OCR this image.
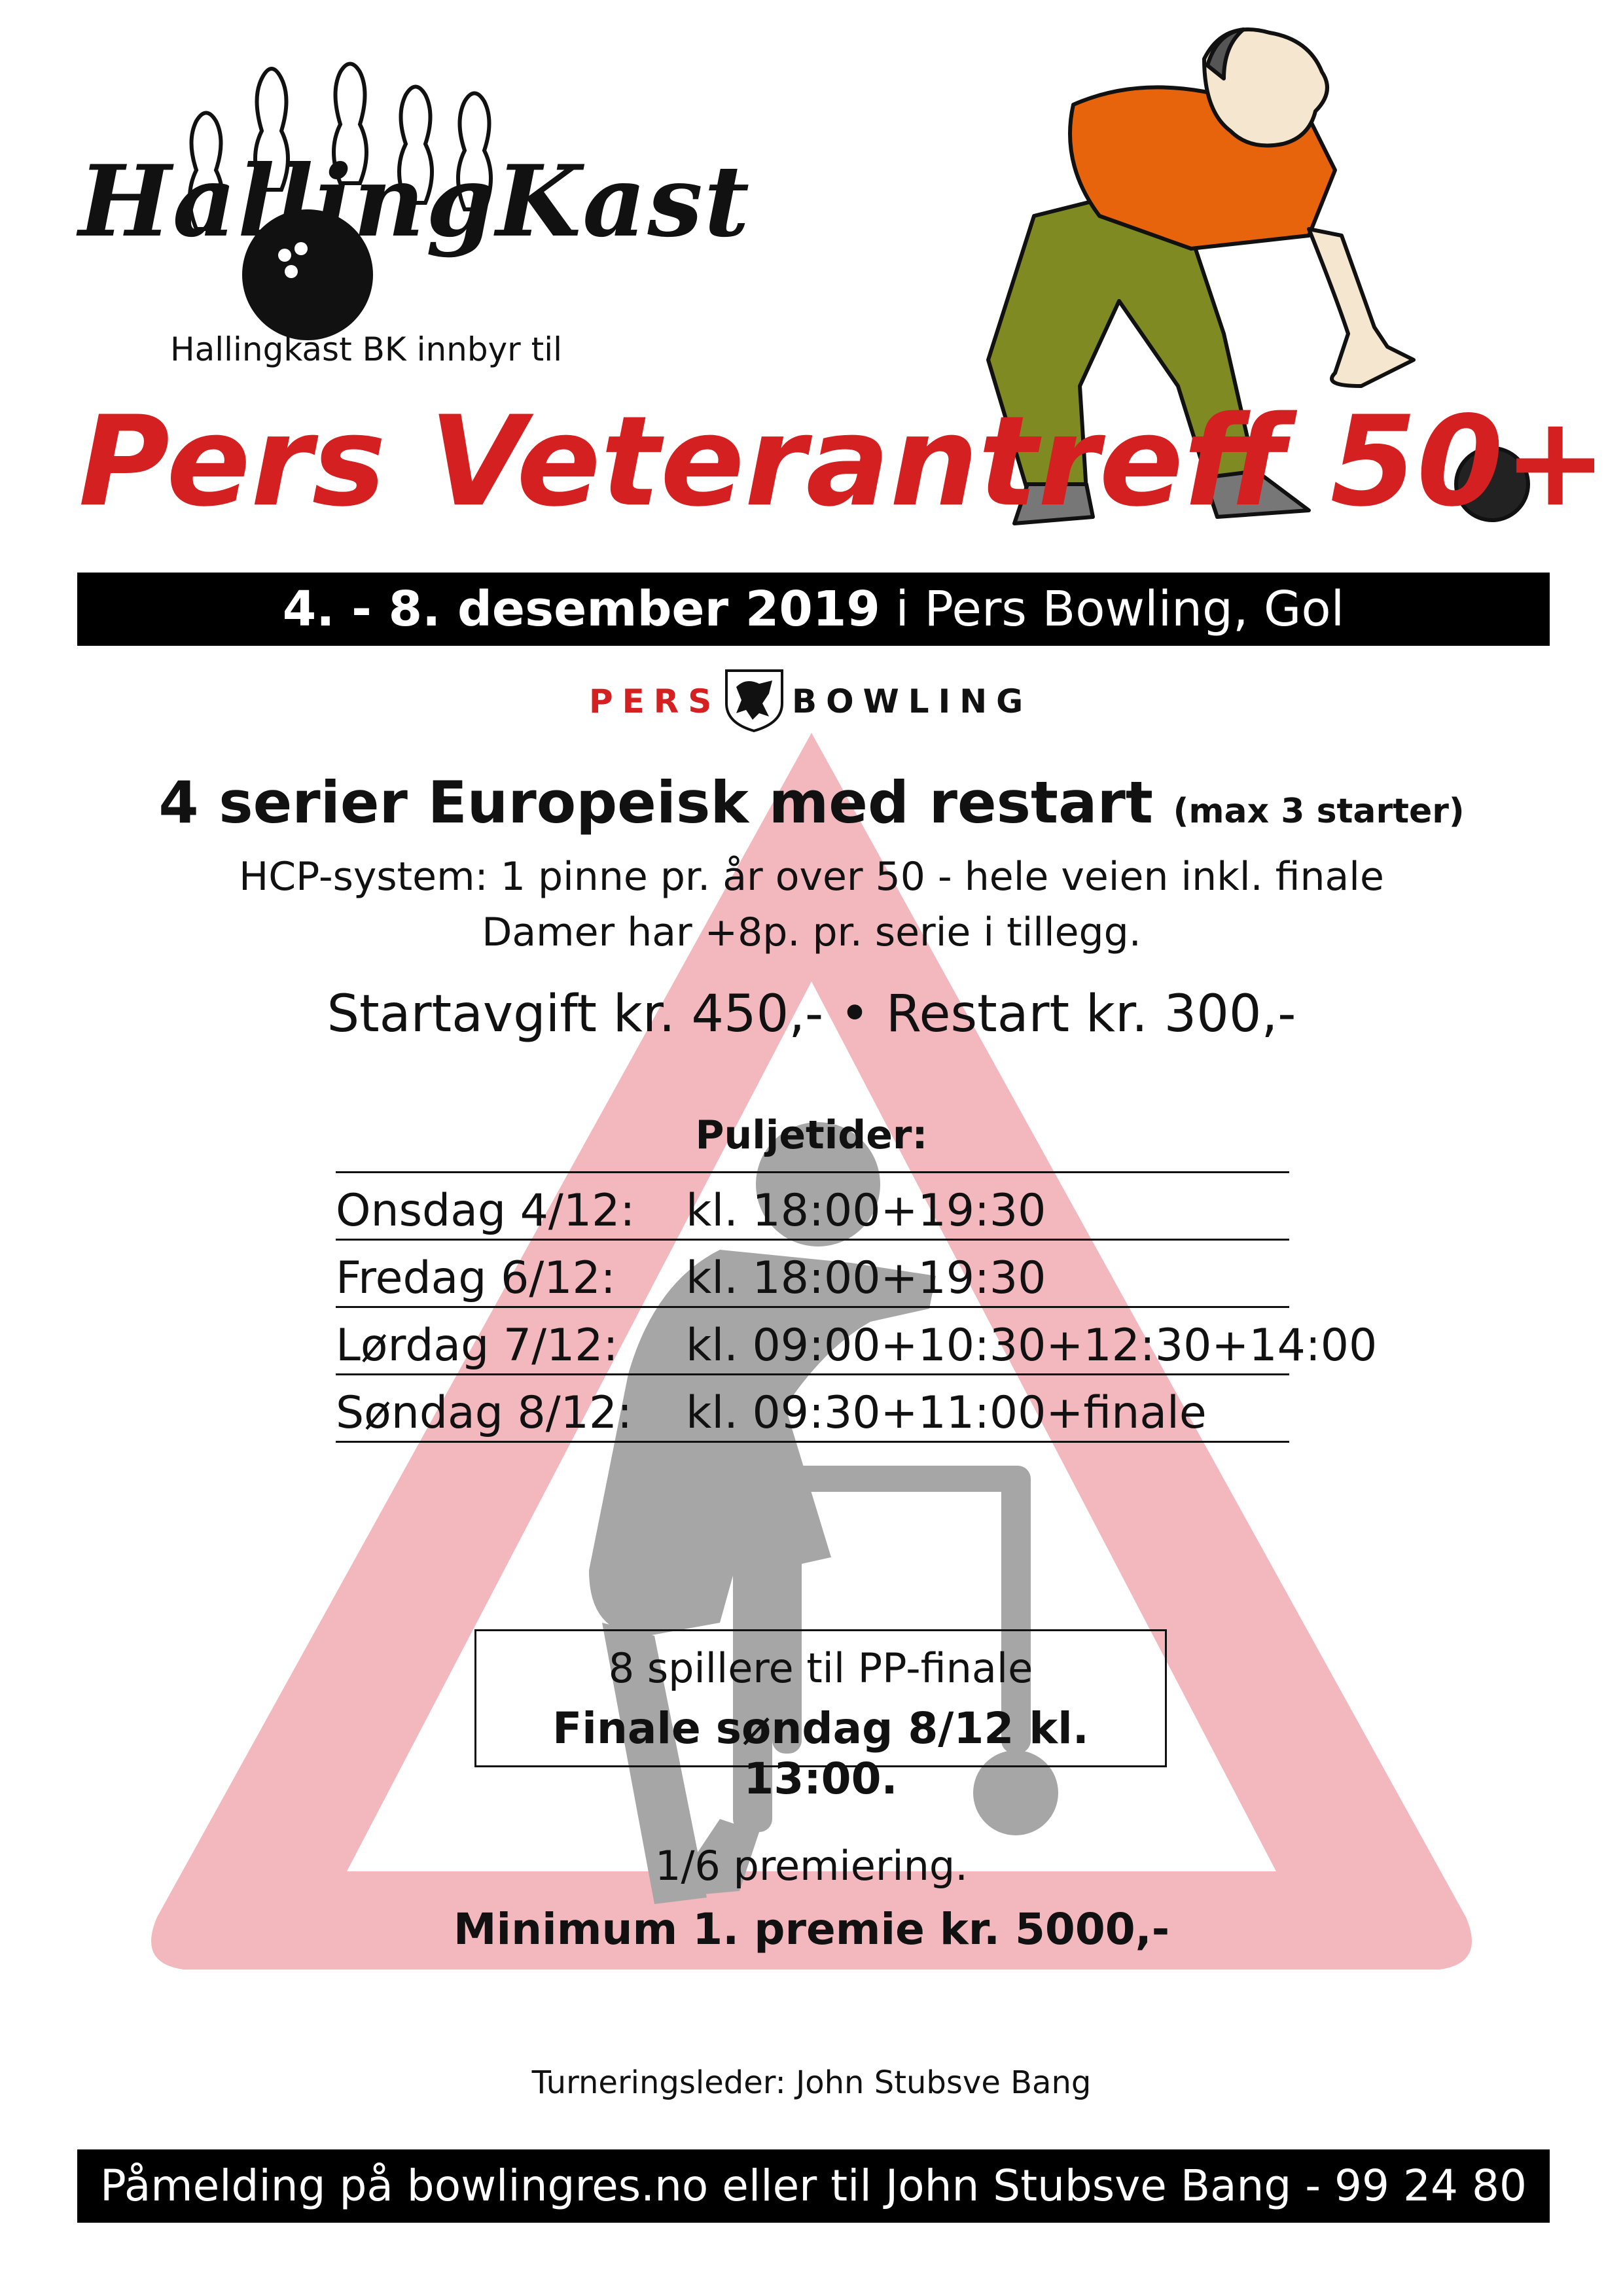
HallingKast
Hallingkast BK innbyr til
Pers Veterantreff 50+
4. - 8. desember 2019 i Pers Bowling, Gol
PERS BOWLING
4 serier Europeisk med restart (max 3 starter)
HCP-system: 1 pinne pr. år over 50 - hele veien inkl. finale
Damer har +8p. pr. serie i tillegg.
Startavgift kr. 450,- • Restart kr. 300,-
Puljetider:
Onsdag 4/12: kl. 18:00+19:30
Fredag 6/12: kl. 18:00+19:30
Lørdag 7/12: kl. 09:00+10:30+12:30+14:00
Søndag 8/12: kl. 09:30+11:00+finale
8 spillere til PP-finale
Finale søndag 8/12 kl. 13:00.
1/6 premiering.
Minimum 1. premie kr. 5000,-
Turneringsleder: John Stubsve Bang
Påmelding på bowlingres.no eller til John Stubsve Bang - 99 24 80 49
